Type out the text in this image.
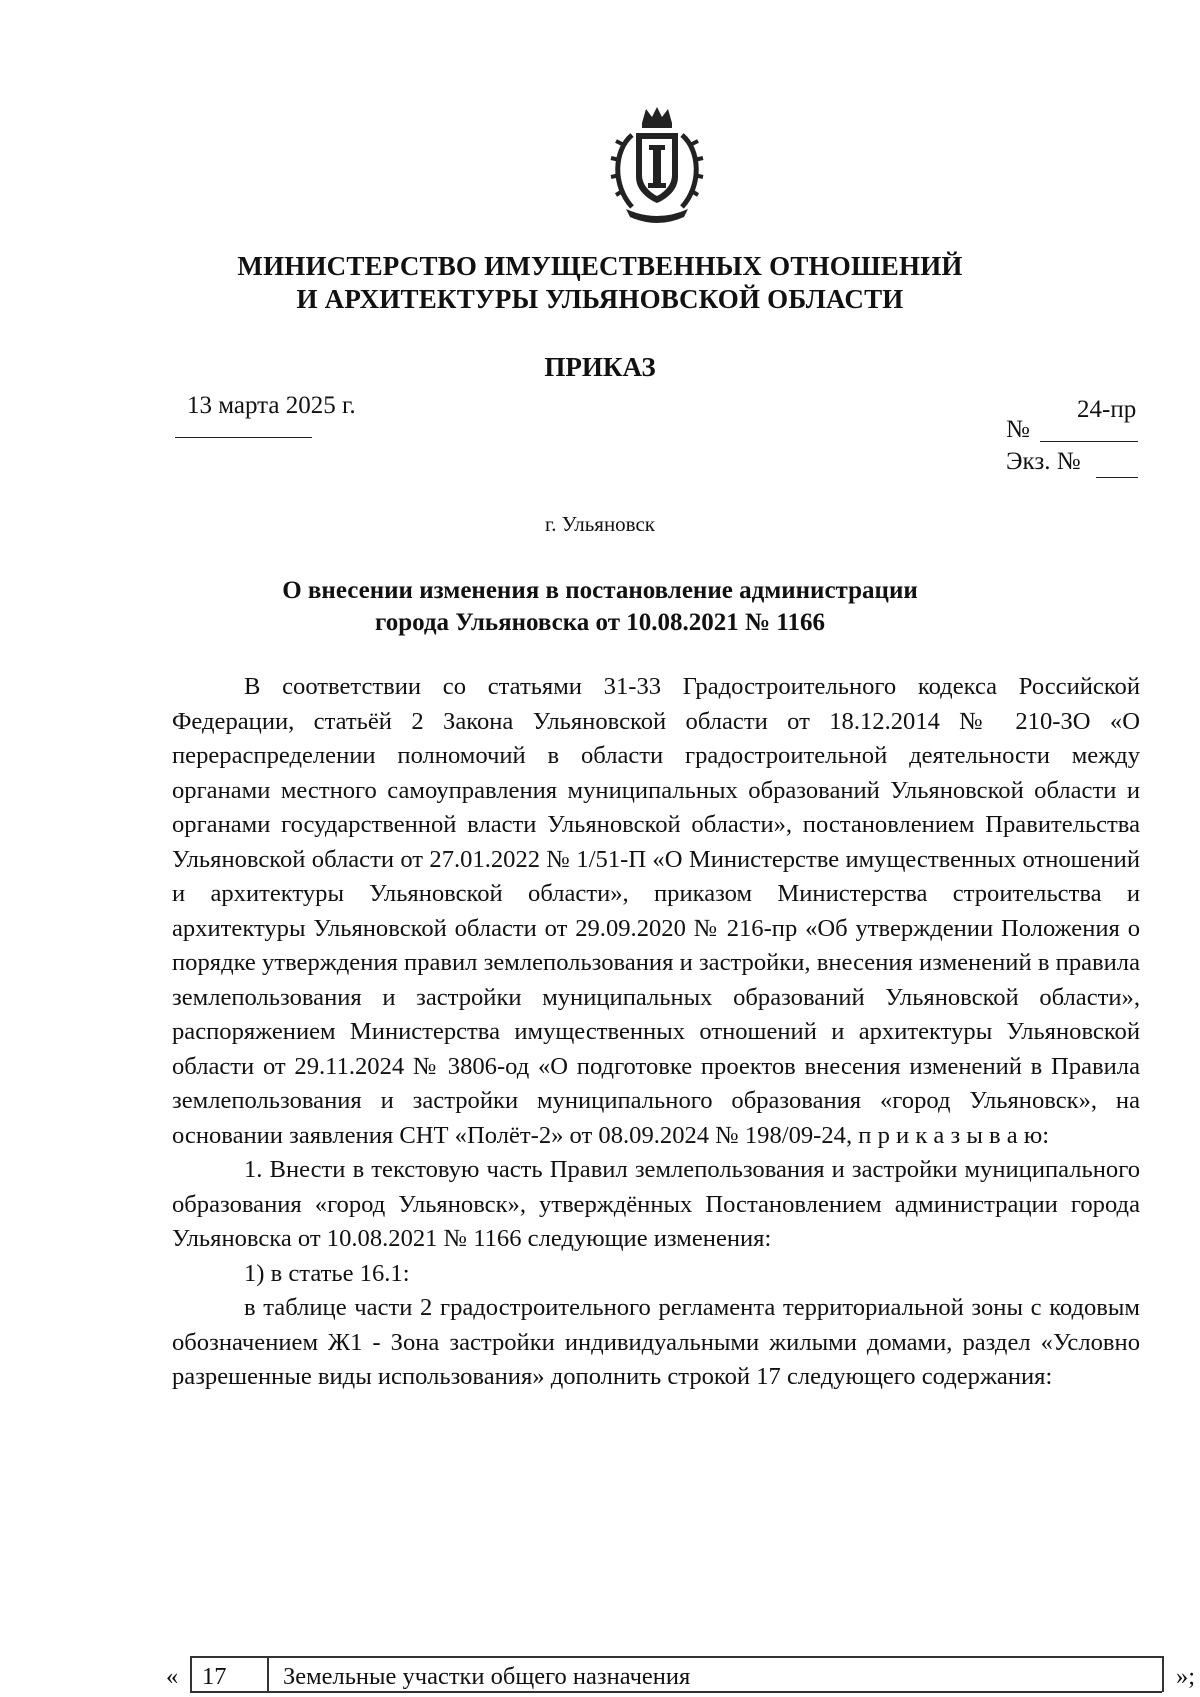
МИНИСТЕРСТВО ИМУЩЕСТВЕННЫХ ОТНОШЕНИЙ
И АРХИТЕКТУРЫ УЛЬЯНОВСКОЙ ОБЛАСТИ
ПРИКАЗ
13 марта 2025 г.
№
24-пр
Экз. №
г. Ульяновск
О внесении изменения в постановление администрации
города Ульяновска от 10.08.2021 № 1166

В соответствии со статьями 31-33 Градостроительного кодекса Российской Федерации, статьёй 2 Закона Ульяновской области от 18.12.2014 № 210-ЗО «О перераспределении полномочий в области градостроительной деятельности между органами местного самоуправления муниципальных образований Ульяновской области и органами государственной власти Ульяновской области», постановлением Правительства Ульяновской области от 27.01.2022 № 1/51-П «О Министерстве имущественных отношений и архитектуры Ульяновской области», приказом Министерства строительства и архитектуры Ульяновской области от 29.09.2020 № 216-пр «Об утверждении Положения о порядке утверждения правил землепользования и застройки, внесения изменений в правила землепользования и застройки муниципальных образований Ульяновской области», распоряжением Министерства имущественных отношений и архитектуры Ульяновской области от 29.11.2024 № 3806-од «О подготовке проектов внесения изменений в Правила землепользования и застройки муниципального образования «город Ульяновск», на основании заявления СНТ «Полёт-2» от 08.09.2024 № 198/09-24, п р и к а з ы в а ю:

1. Внести в текстовую часть Правил землепользования и застройки муниципального образования «город Ульяновск», утверждённых Постановлением администрации города Ульяновска от 10.08.2021 № 1166 следующие изменения:

1) в статье 16.1:

в таблице части 2 градостроительного регламента территориальной зоны с кодовым обозначением Ж1 - Зона застройки индивидуальными жилыми домами, раздел «Условно разрешенные виды использования» дополнить строкой 17 следующего содержания:

« 17 Земельные участки общего назначения	»;
